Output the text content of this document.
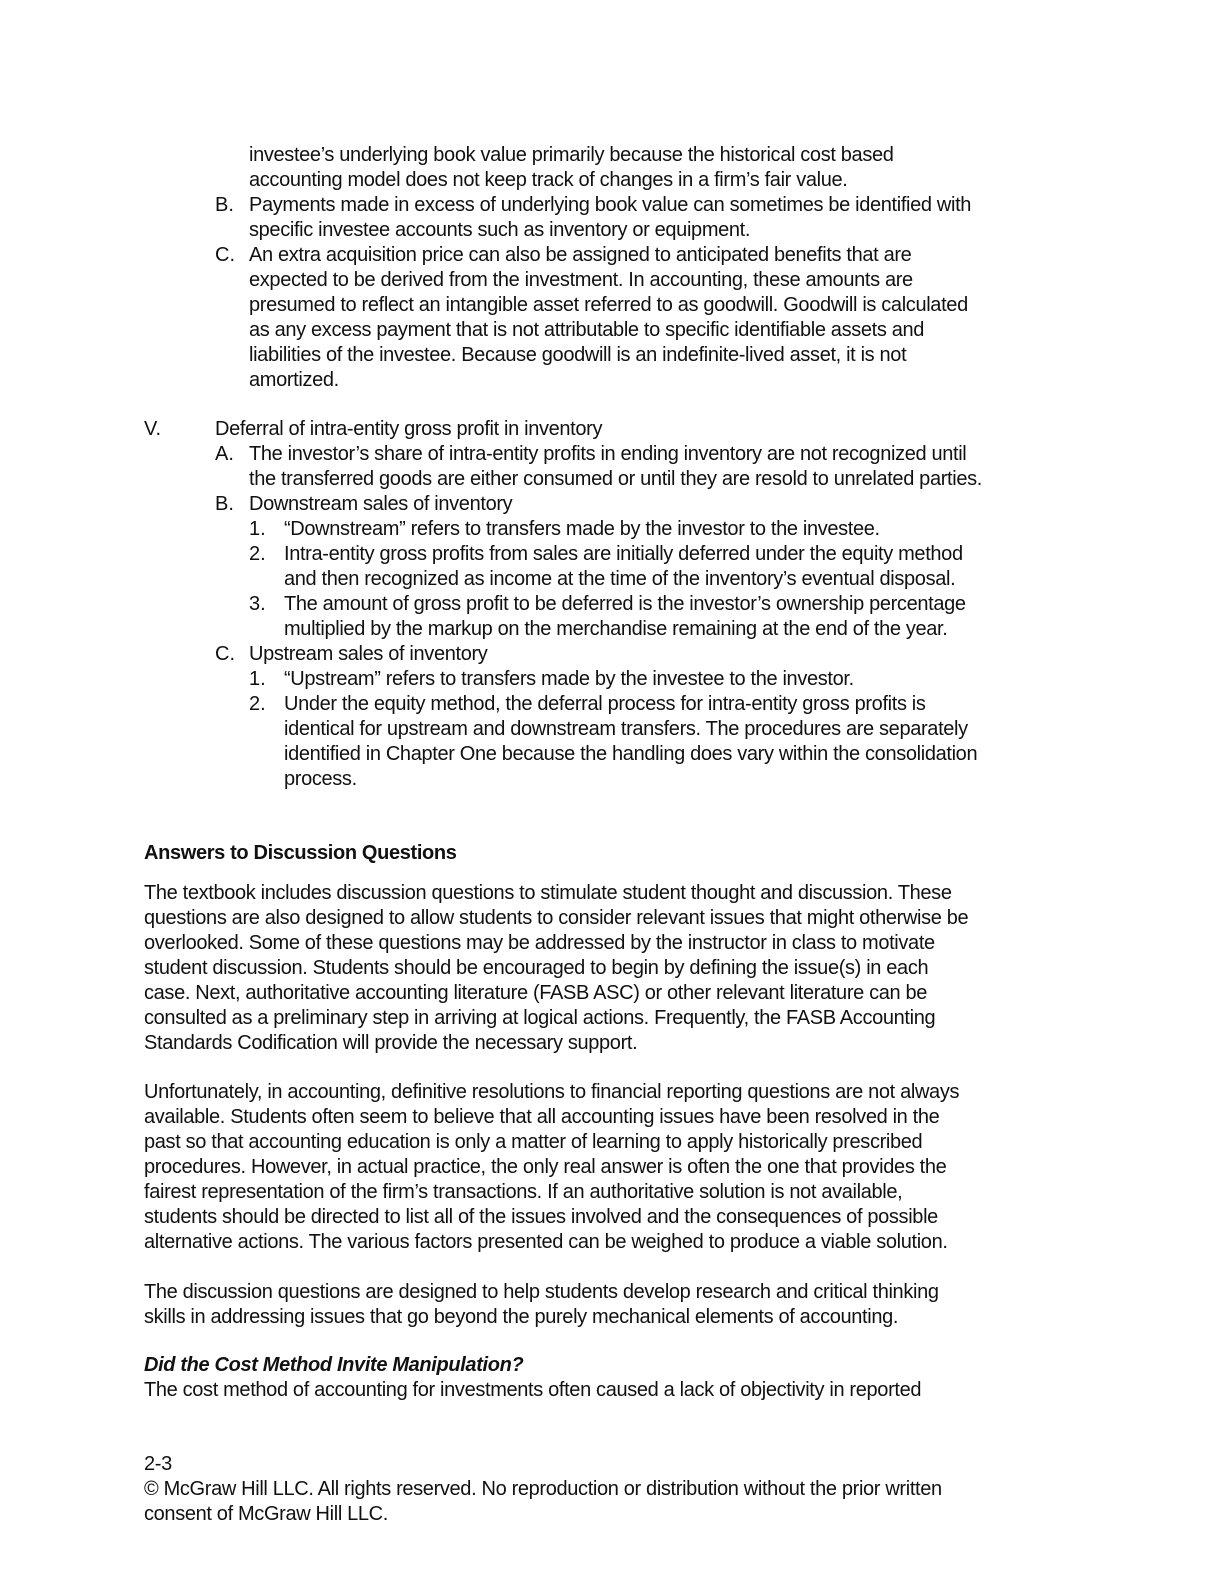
investee’s underlying book value primarily because the historical cost based
accounting model does not keep track of changes in a firm’s fair value.
B. Payments made in excess of underlying book value can sometimes be identified with
specific investee accounts such as inventory or equipment.
C. An extra acquisition price can also be assigned to anticipated benefits that are
expected to be derived from the investment. In accounting, these amounts are
presumed to reflect an intangible asset referred to as goodwill. Goodwill is calculated
as any excess payment that is not attributable to specific identifiable assets and
liabilities of the investee. Because goodwill is an indefinite-lived asset, it is not
amortized.
V.	Deferral of intra-entity gross profit in inventory
A. The investor’s share of intra-entity profits in ending inventory are not recognized until
the transferred goods are either consumed or until they are resold to unrelated parties.
B. Downstream sales of inventory
1. “Downstream” refers to transfers made by the investor to the investee.
2. Intra-entity gross profits from sales are initially deferred under the equity method
and then recognized as income at the time of the inventory’s eventual disposal.
3. The amount of gross profit to be deferred is the investor’s ownership percentage
multiplied by the markup on the merchandise remaining at the end of the year.
C. Upstream sales of inventory
1. “Upstream” refers to transfers made by the investee to the investor.
2. Under the equity method, the deferral process for intra-entity gross profits is
identical for upstream and downstream transfers. The procedures are separately
identified in Chapter One because the handling does vary within the consolidation
process.
Answers to Discussion Questions
The textbook includes discussion questions to stimulate student thought and discussion. These
questions are also designed to allow students to consider relevant issues that might otherwise be
overlooked. Some of these questions may be addressed by the instructor in class to motivate
student discussion. Students should be encouraged to begin by defining the issue(s) in each
case. Next, authoritative accounting literature (FASB ASC) or other relevant literature can be
consulted as a preliminary step in arriving at logical actions. Frequently, the FASB Accounting
Standards Codification will provide the necessary support.
Unfortunately, in accounting, definitive resolutions to financial reporting questions are not always
available. Students often seem to believe that all accounting issues have been resolved in the
past so that accounting education is only a matter of learning to apply historically prescribed
procedures. However, in actual practice, the only real answer is often the one that provides the
fairest representation of the firm’s transactions. If an authoritative solution is not available,
students should be directed to list all of the issues involved and the consequences of possible
alternative actions. The various factors presented can be weighed to produce a viable solution.
The discussion questions are designed to help students develop research and critical thinking
skills in addressing issues that go beyond the purely mechanical elements of accounting.
Did the Cost Method Invite Manipulation?
The cost method of accounting for investments often caused a lack of objectivity in reported
2-3
© McGraw Hill LLC. All rights reserved. No reproduction or distribution without the prior written
consent of McGraw Hill LLC.
